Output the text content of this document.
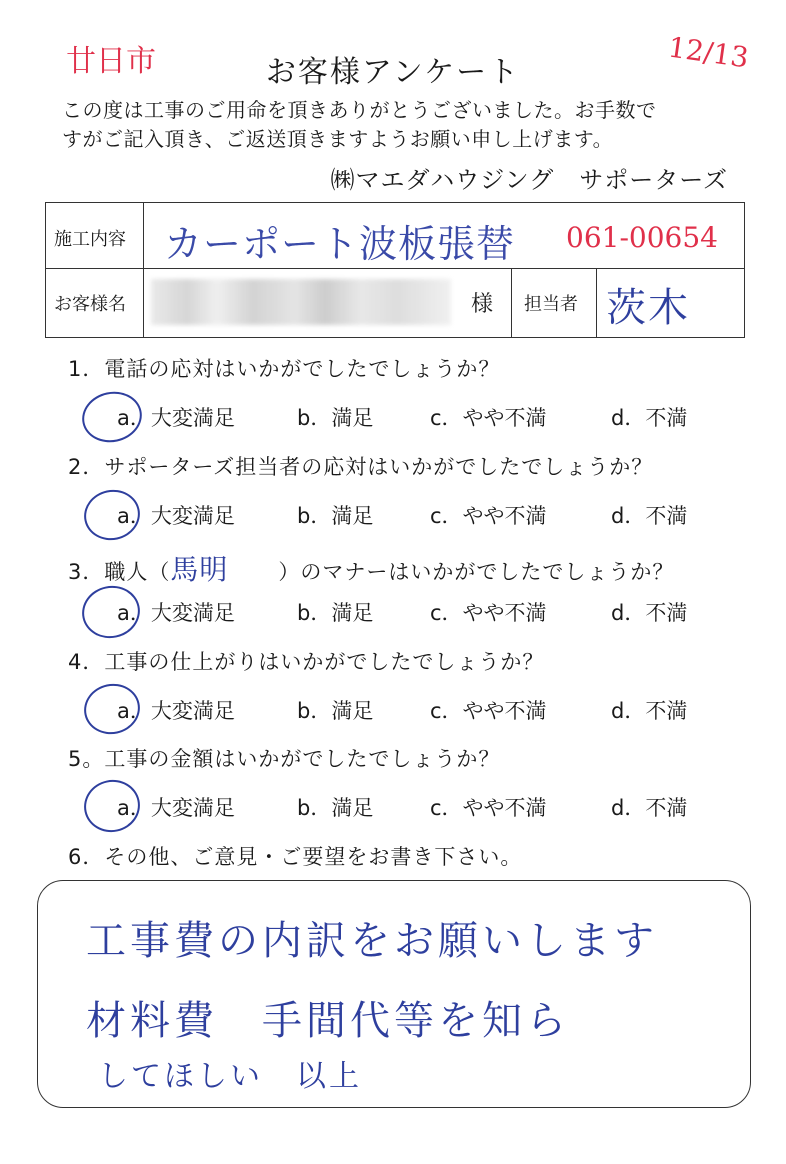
廿日市	12/13
お客様アンケート
この度は工事のご用命を頂きありがとうございました。お手数で
すがご記入頂き、ご返送頂きますようお願い申し上げます。
㈱マエダハウジング　サポーターズ
施工内容 カーポート波板張替 061-00654
お客様名	様 担当者 茨木
1．電話の応対はいかがでしたでしょうか？
a．大変満足	b．満足	c．やや不満	d．不満
2．サポーターズ担当者の応対はいかがでしたでしょうか？
a．大変満足	b．満足	c．やや不満	d．不満
3．職人（馬明 ）のマナーはいかがでしたでしょうか？
a．大変満足	b．満足	c．やや不満	d．不満
4．工事の仕上がりはいかがでしたでしょうか？
a．大変満足	b．満足	c．やや不満	d．不満
5。工事の金額はいかがでしたでしょうか？
a．大変満足	b．満足	c．やや不満	d．不満
6．その他、ご意見・ご要望をお書き下さい。
工事費の内訳をお願いします
材料費　手間代等を知ら
してほしい　以上
